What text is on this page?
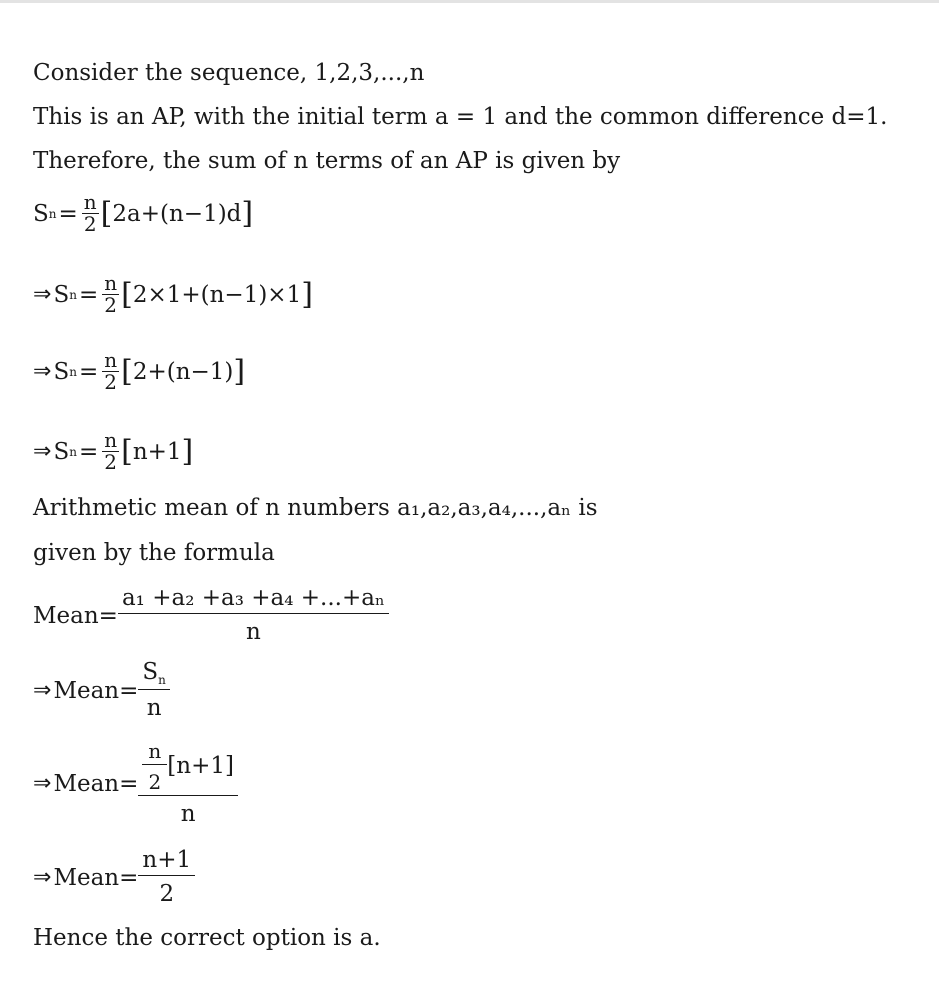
Consider the sequence, 1,2,3,...,n
This is an AP, with the initial term a = 1 and the common difference d=1.
Therefore, the sum of n terms of an AP is given by
S $n = \frac{n}{2}$ [ 2a+(n−1)d ]
⇒ S $n = \frac{n}{2}$ [ 2×1+(n−1)×1 ]
⇒ S $n = \frac{n}{2}$ [ 2+(n−1) ]
⇒ S $n = \frac{n}{2}$ [ n+1 ]
Arithmetic mean of n numbers a₁,a₂,a₃,a₄,...,aₙ is
given by the formula
Mean= $\frac{\text{a₁ +a₂ +a₃ +a₄ +...+aₙ}}{n}$
⇒ Mean= $\frac{S_n}{n}$
⇒ Mean= $\frac{\frac{n}{2} [n+1]}{n}$
⇒ Mean= $\frac{n+1}{2}$
Hence the correct option is a.
